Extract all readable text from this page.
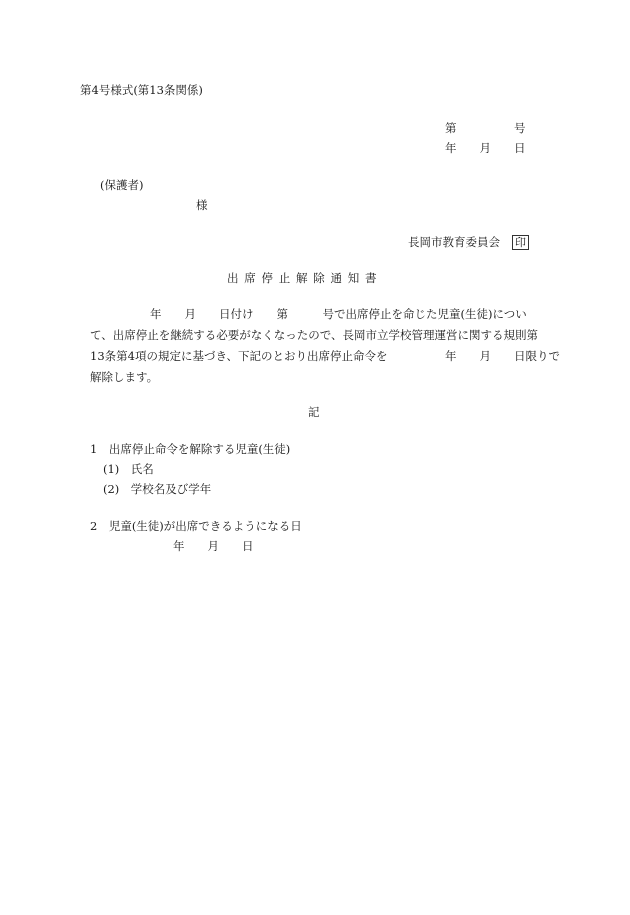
第4号様式(第13条関係)
第　　　　　号
年　　月　　日
(保護者)
様
長岡市教育委員会 印
出席停止解除通知書
年　　月　　日付け　　第　　　号で出席停止を命じた児童(生徒)につい
て、出席停止を継続する必要がなくなったので、長岡市立学校管理運営に関する規則第
13条第4項の規定に基づき、下記のとおり出席停止命令を　　　　　年　　月　　日限りで
解除します。
記
1　出席停止命令を解除する児童(生徒)
(1)　氏名
(2)　学校名及び学年
2　児童(生徒)が出席できるようになる日
年　　月　　日
